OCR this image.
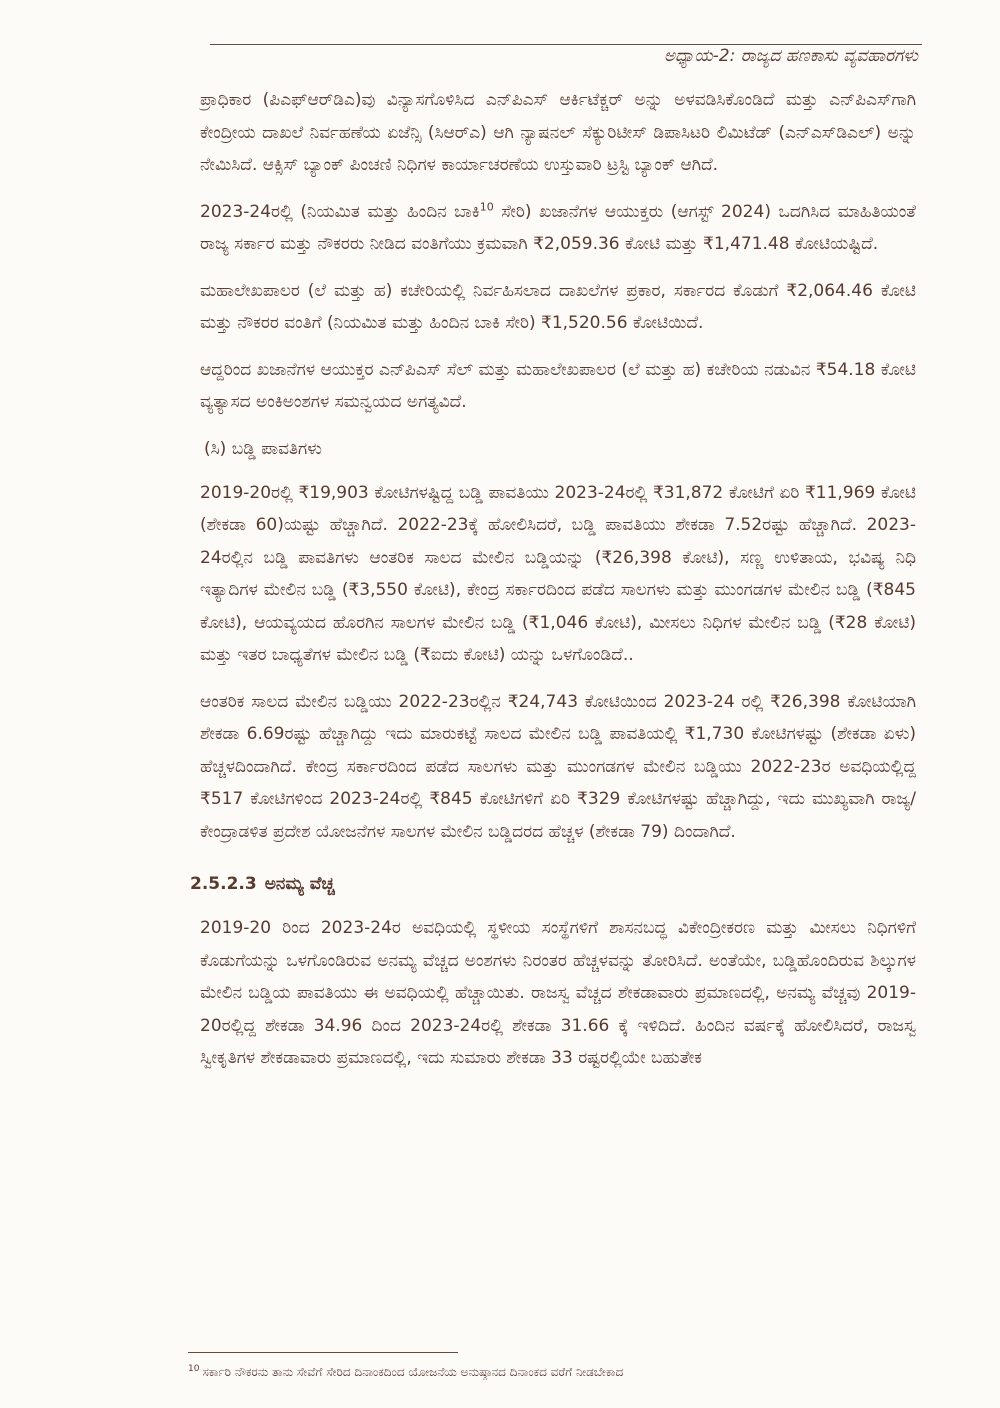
ಅಧ್ಯಾಯ-2: ರಾಜ್ಯದ ಹಣಕಾಸು ವ್ಯವಹಾರಗಳು

ಪ್ರಾಧಿಕಾರ (ಪಿಎಫ್‌ಆರ್‌ಡಿಎ)ವು ವಿನ್ಯಾಸಗೊಳಿಸಿದ ಎನ್‌ಪಿಎಸ್ ಆರ್ಕಿಟೆಕ್ಚರ್ ಅನ್ನು ಅಳವಡಿಸಿಕೊಂಡಿದೆ ಮತ್ತು ಎನ್‌ಪಿಎಸ್‌ಗಾಗಿ ಕೇಂದ್ರೀಯ ದಾಖಲೆ ನಿರ್ವಹಣೆಯ ಏಜೆನ್ಸಿ (ಸಿಆರ್‌ಎ) ಆಗಿ ನ್ಯಾಷನಲ್ ಸೆಕ್ಯುರಿಟೀಸ್ ಡಿಪಾಸಿಟರಿ ಲಿಮಿಟೆಡ್ (ಎನ್‌ಎಸ್‌ಡಿಎಲ್) ಅನ್ನು ನೇಮಿಸಿದೆ. ಆಕ್ಸಿಸ್ ಬ್ಯಾಂಕ್ ಪಿಂಚಣಿ ನಿಧಿಗಳ ಕಾರ್ಯಾಚರಣೆಯ ಉಸ್ತುವಾರಿ ಟ್ರಸ್ಟಿ ಬ್ಯಾಂಕ್ ಆಗಿದೆ.

2023-24ರಲ್ಲಿ (ನಿಯಮಿತ ಮತ್ತು ಹಿಂದಿನ ಬಾಕಿ$^{10}$ ಸೇರಿ) ಖಜಾನೆಗಳ ಆಯುಕ್ತರು (ಆಗಸ್ಟ್ 2024) ಒದಗಿಸಿದ ಮಾಹಿತಿಯಂತೆ ರಾಜ್ಯ ಸರ್ಕಾರ ಮತ್ತು ನೌಕರರು ನೀಡಿದ ವಂತಿಗೆಯು ಕ್ರಮವಾಗಿ ₹2,059.36 ಕೋಟಿ ಮತ್ತು ₹1,471.48 ಕೋಟಿಯಷ್ಟಿದೆ.

ಮಹಾಲೇಖಪಾಲರ (ಲೆ ಮತ್ತು ಹ) ಕಚೇರಿಯಲ್ಲಿ ನಿರ್ವಹಿಸಲಾದ ದಾಖಲೆಗಳ ಪ್ರಕಾರ, ಸರ್ಕಾರದ ಕೊಡುಗೆ ₹2,064.46 ಕೋಟಿ ಮತ್ತು ನೌಕರರ ವಂತಿಗೆ (ನಿಯಮಿತ ಮತ್ತು ಹಿಂದಿನ ಬಾಕಿ ಸೇರಿ) ₹1,520.56 ಕೋಟಿಯಿದೆ.

ಆದ್ದರಿಂದ ಖಜಾನೆಗಳ ಆಯುಕ್ತರ ಎನ್‌ಪಿಎಸ್ ಸೆಲ್ ಮತ್ತು ಮಹಾಲೇಖಪಾಲರ (ಲೆ ಮತ್ತು ಹ) ಕಚೇರಿಯ ನಡುವಿನ ₹54.18 ಕೋಟಿ ವ್ಯತ್ಯಾಸದ ಅಂಕಿಅಂಶಗಳ ಸಮನ್ವಯದ ಅಗತ್ಯವಿದೆ.

(ಸಿ) ಬಡ್ಡಿ ಪಾವತಿಗಳು

2019-20ರಲ್ಲಿ ₹19,903 ಕೋಟಿಗಳಷ್ಟಿದ್ದ ಬಡ್ಡಿ ಪಾವತಿಯು 2023-24ರಲ್ಲಿ ₹31,872 ಕೋಟಿಗೆ ಏರಿ ₹11,969 ಕೋಟಿ (ಶೇಕಡಾ 60)ಯಷ್ಟು ಹೆಚ್ಚಾಗಿದೆ. 2022-23ಕ್ಕೆ ಹೋಲಿಸಿದರೆ, ಬಡ್ಡಿ ಪಾವತಿಯು ಶೇಕಡಾ 7.52ರಷ್ಟು ಹೆಚ್ಚಾಗಿದೆ. 2023-24ರಲ್ಲಿನ ಬಡ್ಡಿ ಪಾವತಿಗಳು ಆಂತರಿಕ ಸಾಲದ ಮೇಲಿನ ಬಡ್ಡಿಯನ್ನು (₹26,398 ಕೋಟಿ), ಸಣ್ಣ ಉಳಿತಾಯ, ಭವಿಷ್ಯ ನಿಧಿ ಇತ್ಯಾದಿಗಳ ಮೇಲಿನ ಬಡ್ಡಿ (₹3,550 ಕೋಟಿ), ಕೇಂದ್ರ ಸರ್ಕಾರದಿಂದ ಪಡೆದ ಸಾಲಗಳು ಮತ್ತು ಮುಂಗಡಗಳ ಮೇಲಿನ ಬಡ್ಡಿ (₹845 ಕೋಟಿ), ಆಯವ್ಯಯದ ಹೊರಗಿನ ಸಾಲಗಳ ಮೇಲಿನ ಬಡ್ಡಿ (₹1,046 ಕೋಟಿ), ಮೀಸಲು ನಿಧಿಗಳ ಮೇಲಿನ ಬಡ್ಡಿ (₹28 ಕೋಟಿ) ಮತ್ತು ಇತರ ಬಾಧ್ಯತೆಗಳ ಮೇಲಿನ ಬಡ್ಡಿ (₹ಐದು ಕೋಟಿ) ಯನ್ನು ಒಳಗೊಂಡಿದೆ..

ಆಂತರಿಕ ಸಾಲದ ಮೇಲಿನ ಬಡ್ಡಿಯು 2022-23ರಲ್ಲಿನ ₹24,743 ಕೋಟಿಯಿಂದ 2023-24 ರಲ್ಲಿ ₹26,398 ಕೋಟಿಯಾಗಿ ಶೇಕಡಾ 6.69ರಷ್ಟು ಹೆಚ್ಚಾಗಿದ್ದು ಇದು ಮಾರುಕಟ್ಟೆ ಸಾಲದ ಮೇಲಿನ ಬಡ್ಡಿ ಪಾವತಿಯಲ್ಲಿ ₹1,730 ಕೋಟಿಗಳಷ್ಟು (ಶೇಕಡಾ ಏಳು) ಹೆಚ್ಚಳದಿಂದಾಗಿದೆ. ಕೇಂದ್ರ ಸರ್ಕಾರದಿಂದ ಪಡೆದ ಸಾಲಗಳು ಮತ್ತು ಮುಂಗಡಗಳ ಮೇಲಿನ ಬಡ್ಡಿಯು 2022-23ರ ಅವಧಿಯಲ್ಲಿದ್ದ ₹517 ಕೋಟಿಗಳಿಂದ 2023-24ರಲ್ಲಿ ₹845 ಕೋಟಿಗಳಿಗೆ ಏರಿ ₹329 ಕೋಟಿಗಳಷ್ಟು ಹೆಚ್ಚಾಗಿದ್ದು, ಇದು ಮುಖ್ಯವಾಗಿ ರಾಜ್ಯ/ಕೇಂದ್ರಾಡಳಿತ ಪ್ರದೇಶ ಯೋಜನೆಗಳ ಸಾಲಗಳ ಮೇಲಿನ ಬಡ್ಡಿದರದ ಹೆಚ್ಚಳ (ಶೇಕಡಾ 79) ದಿಂದಾಗಿದೆ.

2.5.2.3 ಅನಮ್ಯ ವೆಚ್ಚ

2019-20 ರಿಂದ 2023-24ರ ಅವಧಿಯಲ್ಲಿ ಸ್ಥಳೀಯ ಸಂಸ್ಥೆಗಳಿಗೆ ಶಾಸನಬದ್ಧ ವಿಕೇಂದ್ರೀಕರಣ ಮತ್ತು ಮೀಸಲು ನಿಧಿಗಳಿಗೆ ಕೊಡುಗೆಯನ್ನು ಒಳಗೊಂಡಿರುವ ಅನಮ್ಯ ವೆಚ್ಚದ ಅಂಶಗಳು ನಿರಂತರ ಹೆಚ್ಚಳವನ್ನು ತೋರಿಸಿದೆ. ಅಂತೆಯೇ, ಬಡ್ಡಿಹೊಂದಿರುವ ಶಿಲ್ಕುಗಳ ಮೇಲಿನ ಬಡ್ಡಿಯ ಪಾವತಿಯು ಈ ಅವಧಿಯಲ್ಲಿ ಹೆಚ್ಚಾಯಿತು. ರಾಜಸ್ವ ವೆಚ್ಚದ ಶೇಕಡಾವಾರು ಪ್ರಮಾಣದಲ್ಲಿ, ಅನಮ್ಯ ವೆಚ್ಚವು 2019-20ರಲ್ಲಿದ್ದ ಶೇಕಡಾ 34.96 ದಿಂದ 2023-24ರಲ್ಲಿ ಶೇಕಡಾ 31.66 ಕ್ಕೆ ಇಳಿದಿದೆ. ಹಿಂದಿನ ವರ್ಷಕ್ಕೆ ಹೋಲಿಸಿದರೆ, ರಾಜಸ್ವ ಸ್ವೀಕೃತಿಗಳ ಶೇಕಡಾವಾರು ಪ್ರಮಾಣದಲ್ಲಿ, ಇದು ಸುಮಾರು ಶೇಕಡಾ 33 ರಷ್ಟರಲ್ಲಿಯೇ ಬಹುತೇಕ

$^{10}$ ಸರ್ಕಾರಿ ನೌಕರನು ತಾನು ಸೇವೆಗೆ ಸೇರಿದ ದಿನಾಂಕದಿಂದ ಯೋಜನೆಯ ಅನುಷ್ಠಾನದ ದಿನಾಂಕದ ವರೆಗೆ ನೀಡಬೇಕಾದ
